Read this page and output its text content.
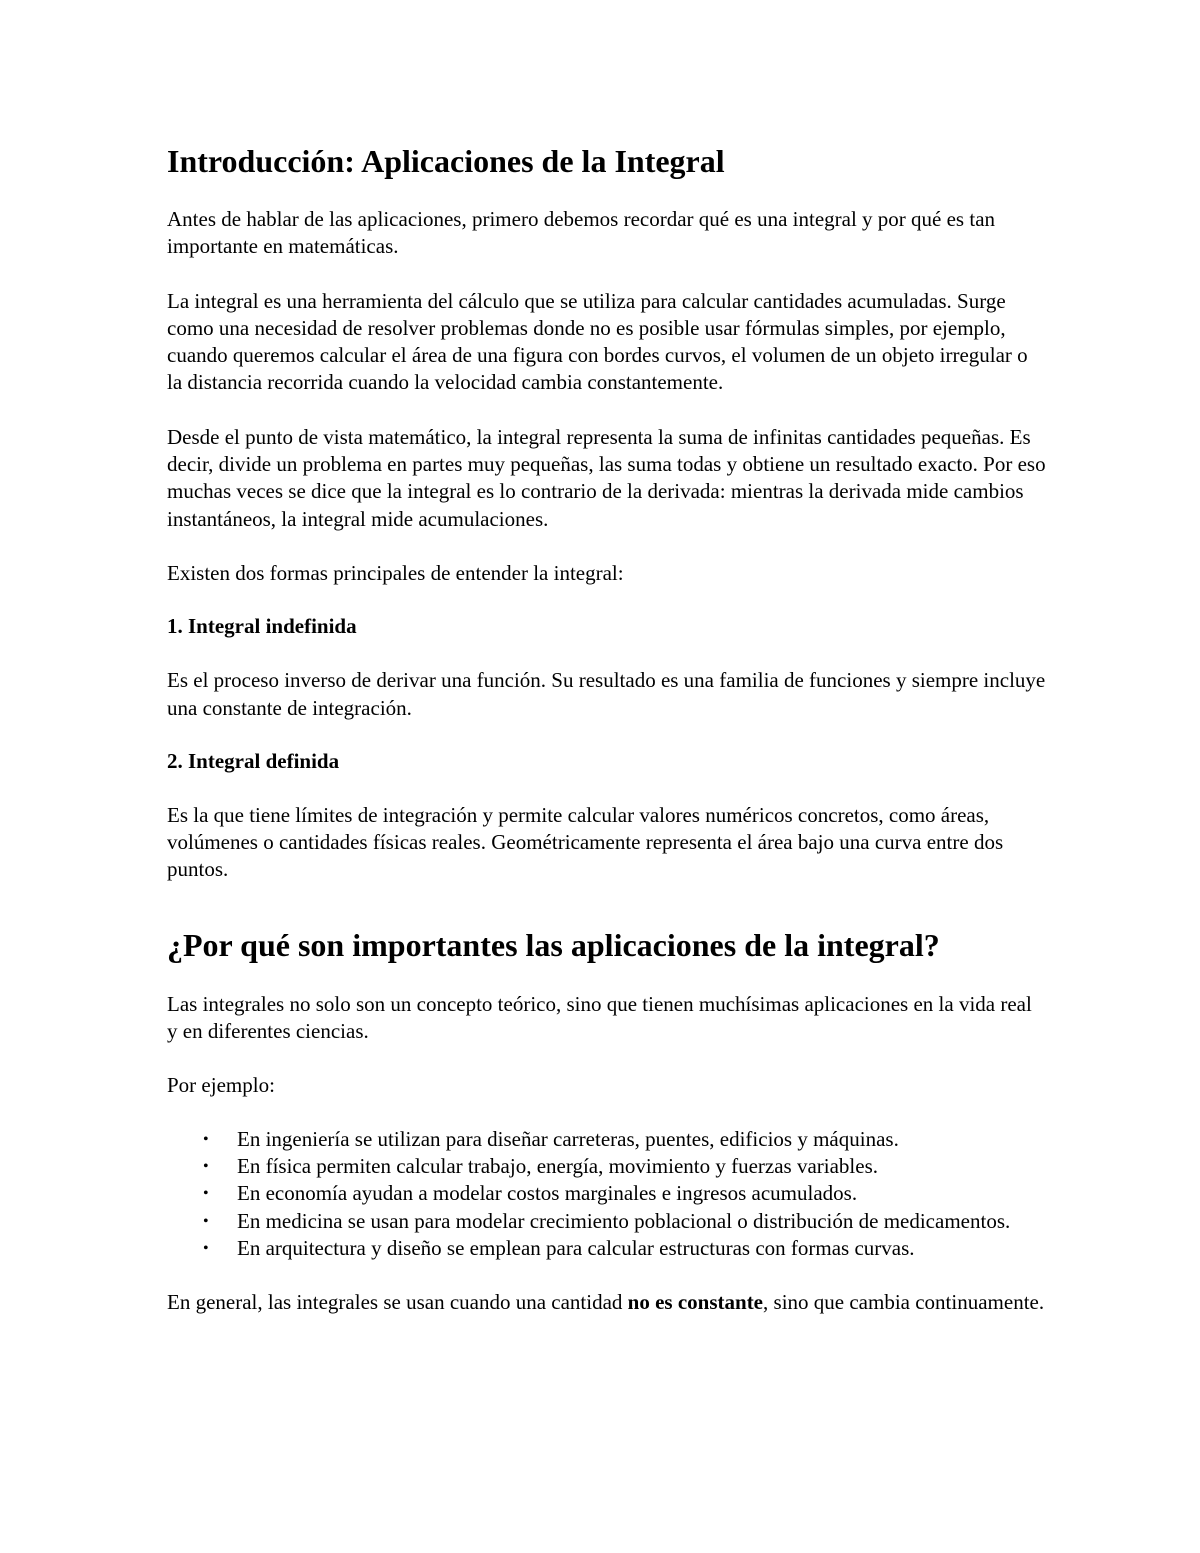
Introducción: Aplicaciones de la Integral

Antes de hablar de las aplicaciones, primero debemos recordar qué es una integral y por qué es tan importante en matemáticas.

La integral es una herramienta del cálculo que se utiliza para calcular cantidades acumuladas. Surge como una necesidad de resolver problemas donde no es posible usar fórmulas simples, por ejemplo, cuando queremos calcular el área de una figura con bordes curvos, el volumen de un objeto irregular o la distancia recorrida cuando la velocidad cambia constantemente.

Desde el punto de vista matemático, la integral representa la suma de infinitas cantidades pequeñas. Es decir, divide un problema en partes muy pequeñas, las suma todas y obtiene un resultado exacto. Por eso muchas veces se dice que la integral es lo contrario de la derivada: mientras la derivada mide cambios instantáneos, la integral mide acumulaciones.

Existen dos formas principales de entender la integral:

1. Integral indefinida

Es el proceso inverso de derivar una función. Su resultado es una familia de funciones y siempre incluye una constante de integración.

2. Integral definida

Es la que tiene límites de integración y permite calcular valores numéricos concretos, como áreas, volúmenes o cantidades físicas reales. Geométricamente representa el área bajo una curva entre dos puntos.

¿Por qué son importantes las aplicaciones de la integral?

Las integrales no solo son un concepto teórico, sino que tienen muchísimas aplicaciones en la vida real y en diferentes ciencias.

Por ejemplo:

• En ingeniería se utilizan para diseñar carreteras, puentes, edificios y máquinas.
• En física permiten calcular trabajo, energía, movimiento y fuerzas variables.
• En economía ayudan a modelar costos marginales e ingresos acumulados.
• En medicina se usan para modelar crecimiento poblacional o distribución de medicamentos.
• En arquitectura y diseño se emplean para calcular estructuras con formas curvas.

En general, las integrales se usan cuando una cantidad no es constante, sino que cambia continuamente.
